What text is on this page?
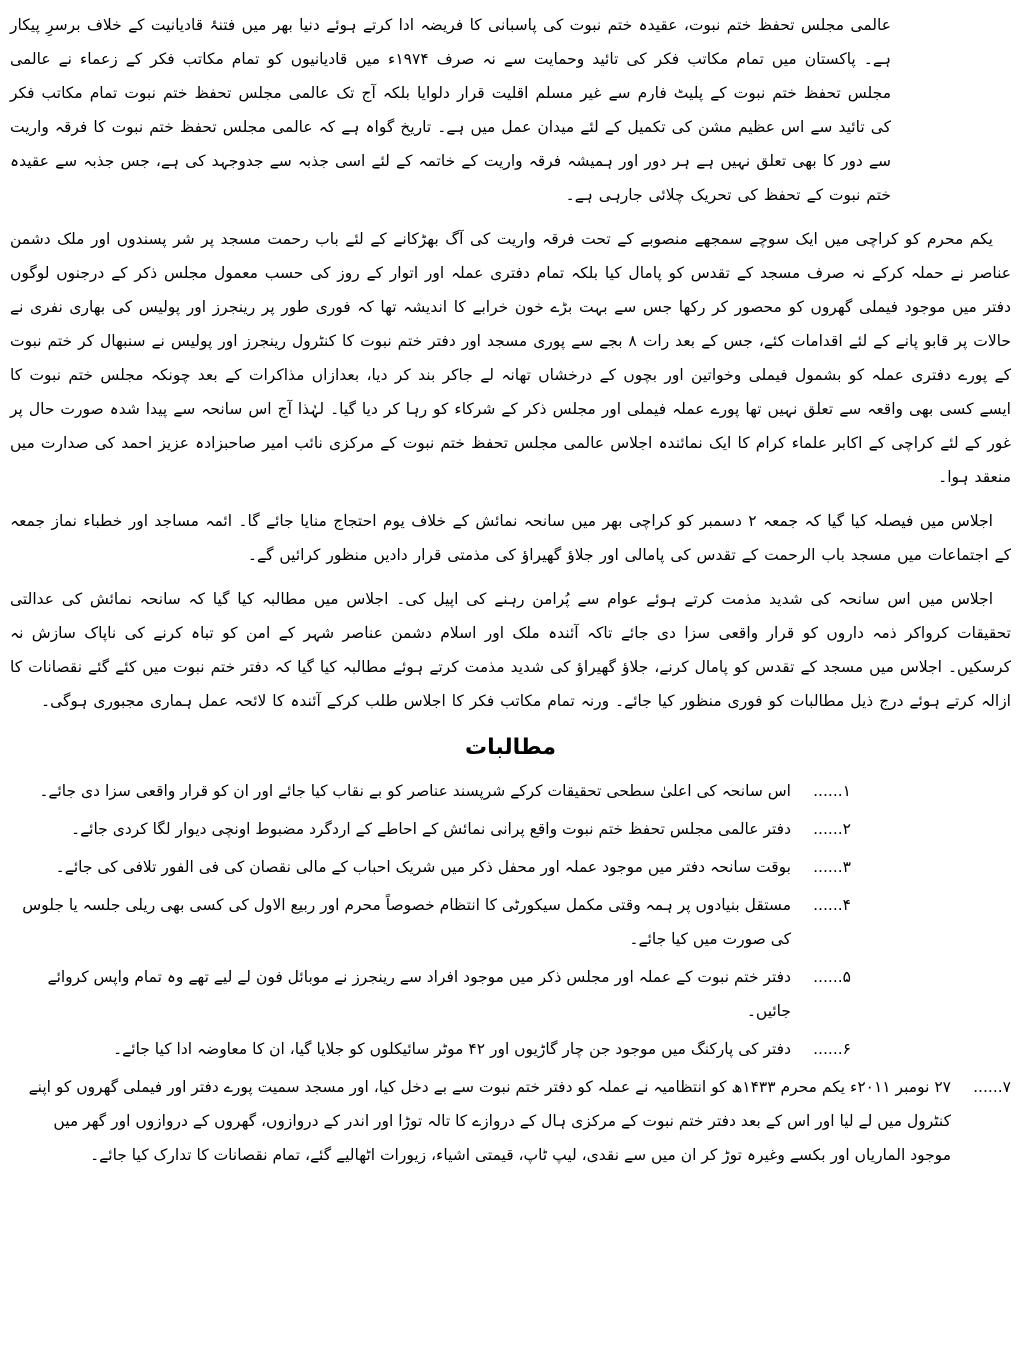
عالمی مجلس تحفظ ختم نبوت، عقیدہ ختم نبوت کی پاسبانی کا فریضہ ادا کرتے ہوئے دنیا بھر میں فتنۂ قادیانیت کے خلاف برسرِ پیکار ہے۔ پاکستان میں تمام مکاتب فکر کی تائید وحمایت سے نہ صرف ۱۹۷۴ء میں قادیانیوں کو تمام مکاتب فکر کے زعماء نے عالمی مجلس تحفظ ختم نبوت کے پلیٹ فارم سے غیر مسلم اقلیت قرار دلوایا بلکہ آج تک عالمی مجلس تحفظ ختم نبوت تمام مکاتب فکر کی تائید سے اس عظیم مشن کی تکمیل کے لئے میدان عمل میں ہے۔ تاریخ گواہ ہے کہ عالمی مجلس تحفظ ختم نبوت کا فرقہ واریت سے دور کا بھی تعلق نہیں ہے ہر دور اور ہمیشہ فرقہ واریت کے خاتمہ کے لئے اسی جذبہ سے جدوجہد کی ہے، جس جذبہ سے عقیدہ ختم نبوت کے تحفظ کی تحریک چلائی جارہی ہے۔

یکم محرم کو کراچی میں ایک سوچے سمجھے منصوبے کے تحت فرقہ واریت کی آگ بھڑکانے کے لئے باب رحمت مسجد پر شر پسندوں اور ملک دشمن عناصر نے حملہ کرکے نہ صرف مسجد کے تقدس کو پامال کیا بلکہ تمام دفتری عملہ اور اتوار کے روز کی حسب معمول مجلس ذکر کے درجنوں لوگوں دفتر میں موجود فیملی گھروں کو محصور کر رکھا جس سے بہت بڑے خون خرابے کا اندیشہ تھا کہ فوری طور پر رینجرز اور پولیس کی بھاری نفری نے حالات پر قابو پانے کے لئے اقدامات کئے، جس کے بعد رات ۸ بجے سے پوری مسجد اور دفتر ختم نبوت کا کنٹرول رینجرز اور پولیس نے سنبھال کر ختم نبوت کے پورے دفتری عملہ کو بشمول فیملی وخواتین اور بچوں کے درخشاں تھانہ لے جاکر بند کر دیا، بعدازاں مذاکرات کے بعد چونکہ مجلس ختم نبوت کا ایسے کسی بھی واقعہ سے تعلق نہیں تھا پورے عملہ فیملی اور مجلس ذکر کے شرکاء کو رہا کر دیا گیا۔ لہٰذا آج اس سانحہ سے پیدا شدہ صورت حال پر غور کے لئے کراچی کے اکابر علماء کرام کا ایک نمائندہ اجلاس عالمی مجلس تحفظ ختم نبوت کے مرکزی نائب امیر صاحبزادہ عزیز احمد کی صدارت میں منعقد ہوا۔

اجلاس میں فیصلہ کیا گیا کہ جمعہ ۲ دسمبر کو کراچی بھر میں سانحہ نمائش کے خلاف یوم احتجاج منایا جائے گا۔ ائمہ مساجد اور خطباء نماز جمعہ کے اجتماعات میں مسجد باب الرحمت کے تقدس کی پامالی اور جلاؤ گھیراؤ کی مذمتی قرار دادیں منظور کرائیں گے۔

اجلاس میں اس سانحہ کی شدید مذمت کرتے ہوئے عوام سے پُرامن رہنے کی اپیل کی۔ اجلاس میں مطالبہ کیا گیا کہ سانحہ نمائش کی عدالتی تحقیقات کرواکر ذمہ داروں کو قرار واقعی سزا دی جائے تاکہ آئندہ ملک اور اسلام دشمن عناصر شہر کے امن کو تباہ کرنے کی ناپاک سازش نہ کرسکیں۔ اجلاس میں مسجد کے تقدس کو پامال کرنے، جلاؤ گھیراؤ کی شدید مذمت کرتے ہوئے مطالبہ کیا گیا کہ دفتر ختم نبوت میں کئے گئے نقصانات کا ازالہ کرتے ہوئے درج ذیل مطالبات کو فوری منظور کیا جائے۔ ورنہ تمام مکاتب فکر کا اجلاس طلب کرکے آئندہ کا لائحہ عمل ہماری مجبوری ہوگی۔

مطالبات
۱......
اس سانحہ کی اعلیٰ سطحی تحقیقات کرکے شرپسند عناصر کو بے نقاب کیا جائے اور ان کو قرار واقعی سزا دی جائے۔
۲......
دفتر عالمی مجلس تحفظ ختم نبوت واقع پرانی نمائش کے احاطے کے اردگرد مضبوط اونچی دیوار لگا کردی جائے۔
۳......
بوقت سانحہ دفتر میں موجود عملہ اور محفل ذکر میں شریک احباب کے مالی نقصان کی فی الفور تلافی کی جائے۔
۴......
مستقل بنیادوں پر ہمہ وقتی مکمل سیکورٹی کا انتظام خصوصاً محرم اور ربیع الاول کی کسی بھی ریلی جلسہ یا جلوس کی صورت میں کیا جائے۔
۵......
دفتر ختم نبوت کے عملہ اور مجلس ذکر میں موجود افراد سے رینجرز نے موبائل فون لے لیے تھے وہ تمام واپس کروائے جائیں۔
۶......
دفتر کی پارکنگ میں موجود جن چار گاڑیوں اور ۴۲ موٹر سائیکلوں کو جلایا گیا، ان کا معاوضہ ادا کیا جائے۔
۷......
۲۷ نومبر ۲۰۱۱ء یکم محرم ۱۴۳۳ھ کو انتظامیہ نے عملہ کو دفتر ختم نبوت سے بے دخل کیا، اور مسجد سمیت پورے دفتر اور فیملی گھروں کو اپنے کنٹرول میں لے لیا اور اس کے بعد دفتر ختم نبوت کے مرکزی ہال کے دروازے کا تالہ توڑا اور اندر کے دروازوں، گھروں کے دروازوں اور گھر میں موجود الماریاں اور بکسے وغیرہ توڑ کر ان میں سے نقدی، لیپ ٹاپ، قیمتی اشیاء، زیورات اٹھالیے گئے، تمام نقصانات کا تدارک کیا جائے۔
